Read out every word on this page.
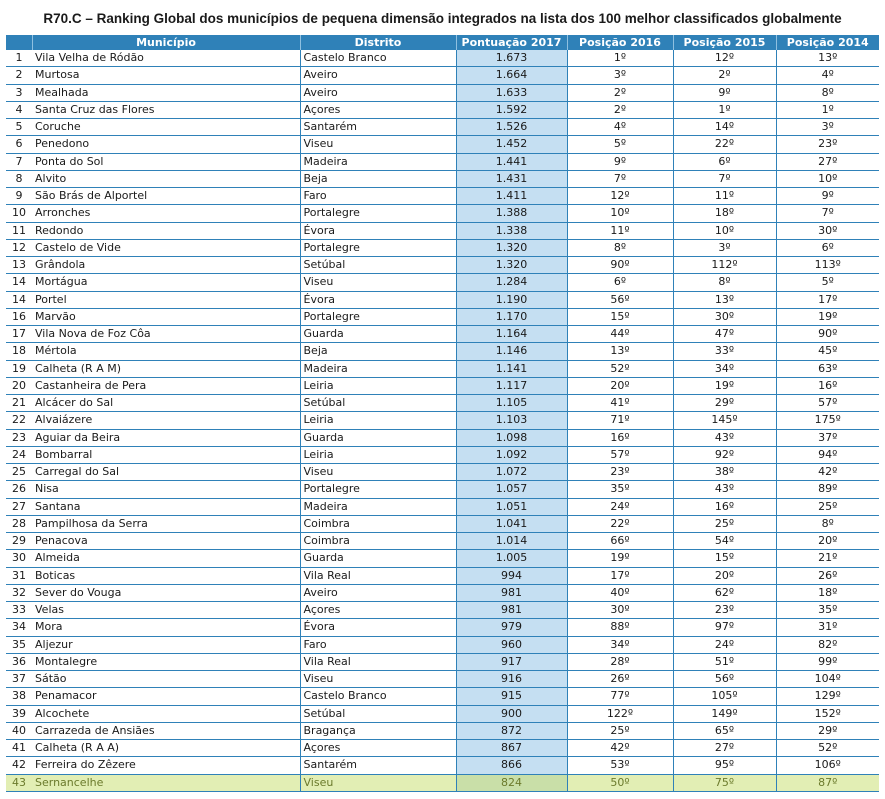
R70.C – Ranking Global dos municípios de pequena dimensão integrados na lista dos 100 melhor classificados globalmente
	Município	Distrito	Pontuação 2017	Posição 2016	Posição 2015	Posição 2014
1	Vila Velha de Ródão	Castelo Branco	1.673	1º	12º	13º
2	Murtosa	Aveiro	1.664	3º	2º	4º
3	Mealhada	Aveiro	1.633	2º	9º	8º
4	Santa Cruz das Flores	Açores	1.592	2º	1º	1º
5	Coruche	Santarém	1.526	4º	14º	3º
6	Penedono	Viseu	1.452	5º	22º	23º
7	Ponta do Sol	Madeira	1.441	9º	6º	27º
8	Alvito	Beja	1.431	7º	7º	10º
9	São Brás de Alportel	Faro	1.411	12º	11º	9º
10	Arronches	Portalegre	1.388	10º	18º	7º
11	Redondo	Évora	1.338	11º	10º	30º
12	Castelo de Vide	Portalegre	1.320	8º	3º	6º
13	Grândola	Setúbal	1.320	90º	112º	113º
14	Mortágua	Viseu	1.284	6º	8º	5º
14	Portel	Évora	1.190	56º	13º	17º
16	Marvão	Portalegre	1.170	15º	30º	19º
17	Vila Nova de Foz Côa	Guarda	1.164	44º	47º	90º
18	Mértola	Beja	1.146	13º	33º	45º
19	Calheta (R A M)	Madeira	1.141	52º	34º	63º
20	Castanheira de Pera	Leiria	1.117	20º	19º	16º
21	Alcácer do Sal	Setúbal	1.105	41º	29º	57º
22	Alvaiázere	Leiria	1.103	71º	145º	175º
23	Aguiar da Beira	Guarda	1.098	16º	43º	37º
24	Bombarral	Leiria	1.092	57º	92º	94º
25	Carregal do Sal	Viseu	1.072	23º	38º	42º
26	Nisa	Portalegre	1.057	35º	43º	89º
27	Santana	Madeira	1.051	24º	16º	25º
28	Pampilhosa da Serra	Coimbra	1.041	22º	25º	8º
29	Penacova	Coimbra	1.014	66º	54º	20º
30	Almeida	Guarda	1.005	19º	15º	21º
31	Boticas	Vila Real	994	17º	20º	26º
32	Sever do Vouga	Aveiro	981	40º	62º	18º
33	Velas	Açores	981	30º	23º	35º
34	Mora	Évora	979	88º	97º	31º
35	Aljezur	Faro	960	34º	24º	82º
36	Montalegre	Vila Real	917	28º	51º	99º
37	Sátão	Viseu	916	26º	56º	104º
38	Penamacor	Castelo Branco	915	77º	105º	129º
39	Alcochete	Setúbal	900	122º	149º	152º
40	Carrazeda de Ansiães	Bragança	872	25º	65º	29º
41	Calheta (R A A)	Açores	867	42º	27º	52º
42	Ferreira do Zêzere	Santarém	866	53º	95º	106º
43	Sernancelhe	Viseu	824	50º	75º	87º
